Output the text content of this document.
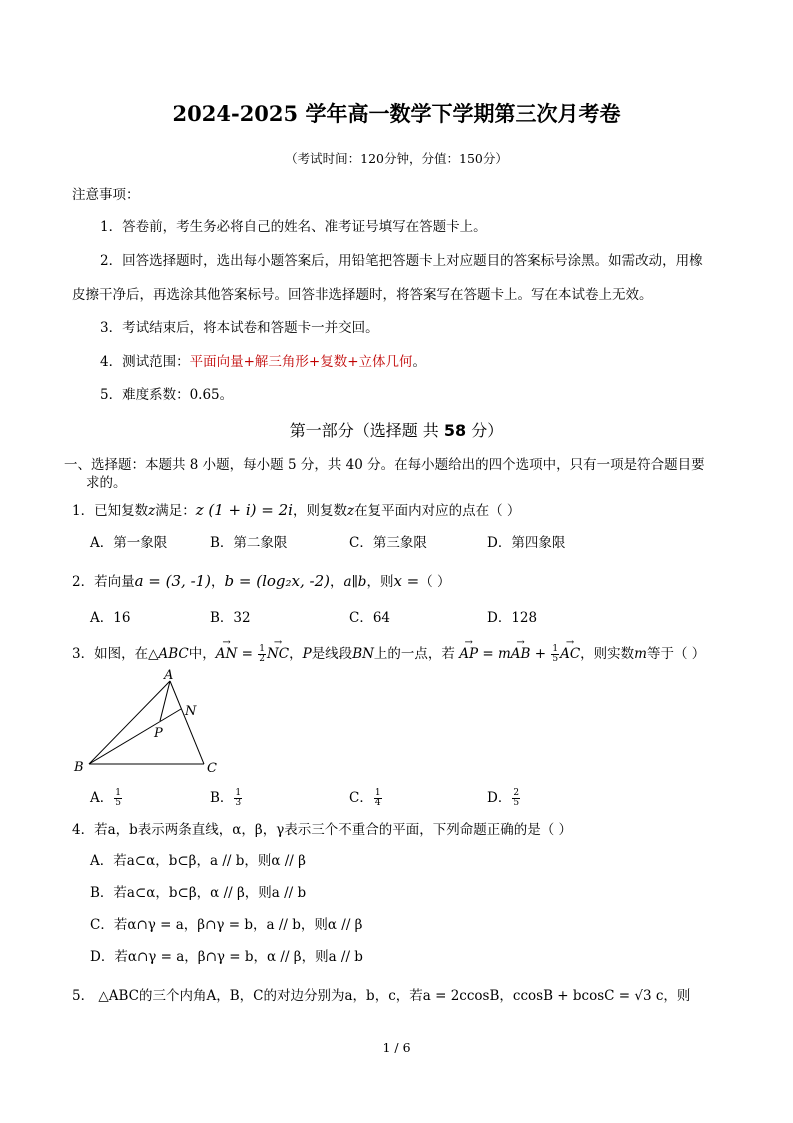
2024-2025 学年高一数学下学期第三次月考卷
（考试时间：120分钟，分值：150分）
注意事项：
1．答卷前，考生务必将自己的姓名、准考证号填写在答题卡上。
2．回答选择题时，选出每小题答案后，用铅笔把答题卡上对应题目的答案标号涂黑。如需改动，用橡
皮擦干净后，再选涂其他答案标号。回答非选择题时，将答案写在答题卡上。写在本试卷上无效。
3．考试结束后，将本试卷和答题卡一并交回。
4．测试范围：平面向量+解三角形+复数+立体几何。
5．难度系数：0.65。
第一部分（选择题 共 58 分）
一、选择题：本题共 8 小题，每小题 5 分，共 40 分。在每小题给出的四个选项中，只有一项是符合题目要
求的。
1．已知复数z满足：z (1 + i) = 2i，则复数z在复平面内对应的点在（ ）
A．第一象限	B．第二象限	C．第三象限	D．第四象限
2．若向量a = (3, -1)，b = (log₂x, -2)，a∥b，则x =（ ）
A．16	B．32	C．64	D．128
3．如图，在△ABC中，→ AN = $\frac{1}{2}$ → NC，P是线段BN上的一点，若 → AP = m→ AB + $\frac{1}{5}$ → AC，则实数m等于（ ）
A
N
P
B	C
A． $\frac{1}{5}$	B． $\frac{1}{3}$	C． $\frac{1}{4}$	D． $\frac{2}{5}$
4．若a，b表示两条直线，α，β，γ表示三个不重合的平面，下列命题正确的是（ ）
A．若a⊂α，b⊂β，a // b，则α // β
B．若a⊂α，b⊂β，α // β，则a // b
C．若α∩γ = a，β∩γ = b，a // b，则α // β
D．若α∩γ = a，β∩γ = b，α // β，则a // b
5． △ABC的三个内角A，B，C的对边分别为a，b，c，若a = 2ccosB，ccosB + bcosC = √3 c，则
1 / 6
